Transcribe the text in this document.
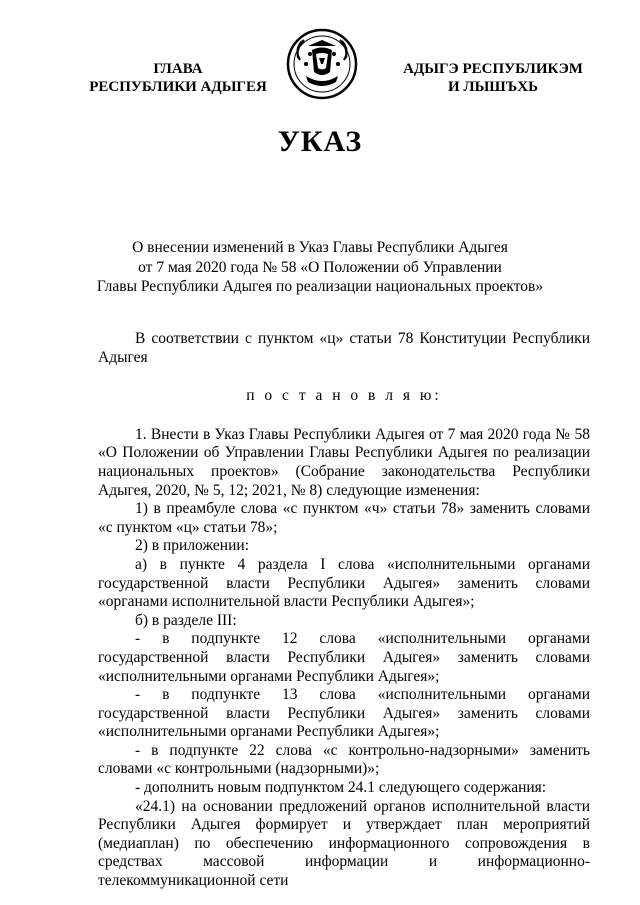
ГЛАВА
РЕСПУБЛИКИ АДЫГЕЯ
АДЫГЭ РЕСПУБЛИКЭМ
И ЛЫШЪХЬ
УКАЗ
О внесении изменений в Указ Главы Республики Адыгея
от 7 мая 2020 года № 58 «О Положении об Управлении
Главы Республики Адыгея по реализации национальных проектов»

В соответствии с пунктом «ц» статьи 78 Конституции Республики Адыгея

п о с т а н о в л я ю:

1. Внести в Указ Главы Республики Адыгея от 7 мая 2020 года № 58 «О Положении об Управлении Главы Республики Адыгея по реализации национальных проектов» (Собрание законодательства Республики Адыгея, 2020, № 5, 12; 2021, № 8) следующие изменения:

1) в преамбуле слова «с пунктом «ч» статьи 78» заменить словами «с пунктом «ц» статьи 78»;

2) в приложении:

а) в пункте 4 раздела I слова «исполнительными органами государственной власти Республики Адыгея» заменить словами «органами исполнительной власти Республики Адыгея»;

б) в разделе III:

- в подпункте 12 слова «исполнительными органами государственной власти Республики Адыгея» заменить словами «исполнительными органами Республики Адыгея»;

- в подпункте 13 слова «исполнительными органами государственной власти Республики Адыгея» заменить словами «исполнительными органами Республики Адыгея»;

- в подпункте 22 слова «с контрольно-надзорными» заменить словами «с контрольными (надзорными)»;

- дополнить новым подпунктом 24.1 следующего содержания:

«24.1) на основании предложений органов исполнительной власти Республики Адыгея формирует и утверждает план мероприятий (медиаплан) по обеспечению информационного сопровождения в средствах массовой информации и информационно-телекоммуникационной сети
